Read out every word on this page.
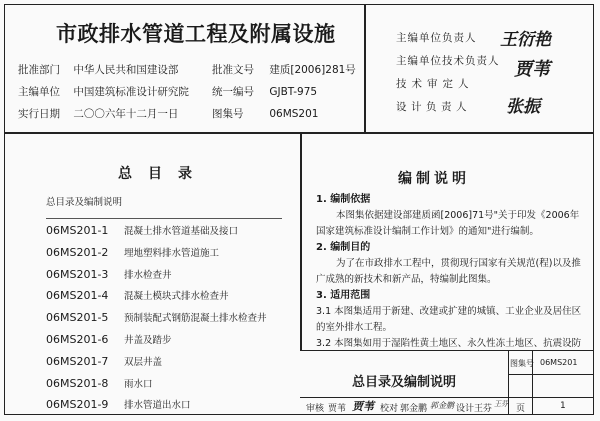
市政排水管道工程及附属设施
批准部门 中华人民共和国建设部	批准文号 建质[2006]281号
主编单位 中国建筑标准设计研究院 统一编号 GJBT-975
实行日期 二〇〇六年十二月一日	图集号 06MS201
主编单位负责人 王衍艳
主编单位技术负责人 贾苇
技术审定人
设计负责人 张振
总目录
总目录及编制说明
06MS201-1 混凝土排水管道基础及接口
06MS201-2 埋地塑料排水管道施工
06MS201-3 排水检查井
06MS201-4 混凝土模块式排水检查井
06MS201-5 预制装配式钢筋混凝土排水检查井
06MS201-6 井盖及踏步
06MS201-7 双层井盖
06MS201-8 雨水口
06MS201-9 排水管道出水口
编制说明

1. 编制依据

本图集依据建设部建质函[2006]71号"关于印发《2006年国家建筑标准设计编制工作计划》的通知"进行编制。

2. 编制目的

为了在市政排水工程中，贯彻现行国家有关规范(程)以及推广成熟的新技术和新产品，特编制此图集。

3. 适用范围

3.1 本图集适用于新建、改建或扩建的城镇、工业企业及居住区的室外排水工程。

3.2 本图集如用于湿陷性黄土地区、永久性冻土地区、抗震设防

总目录及编制说明
图集号 06MS201
页	1
审核 贾苇 贾苇 校对 郭金鹏 郭金鹏 设计 王芬 王芬
